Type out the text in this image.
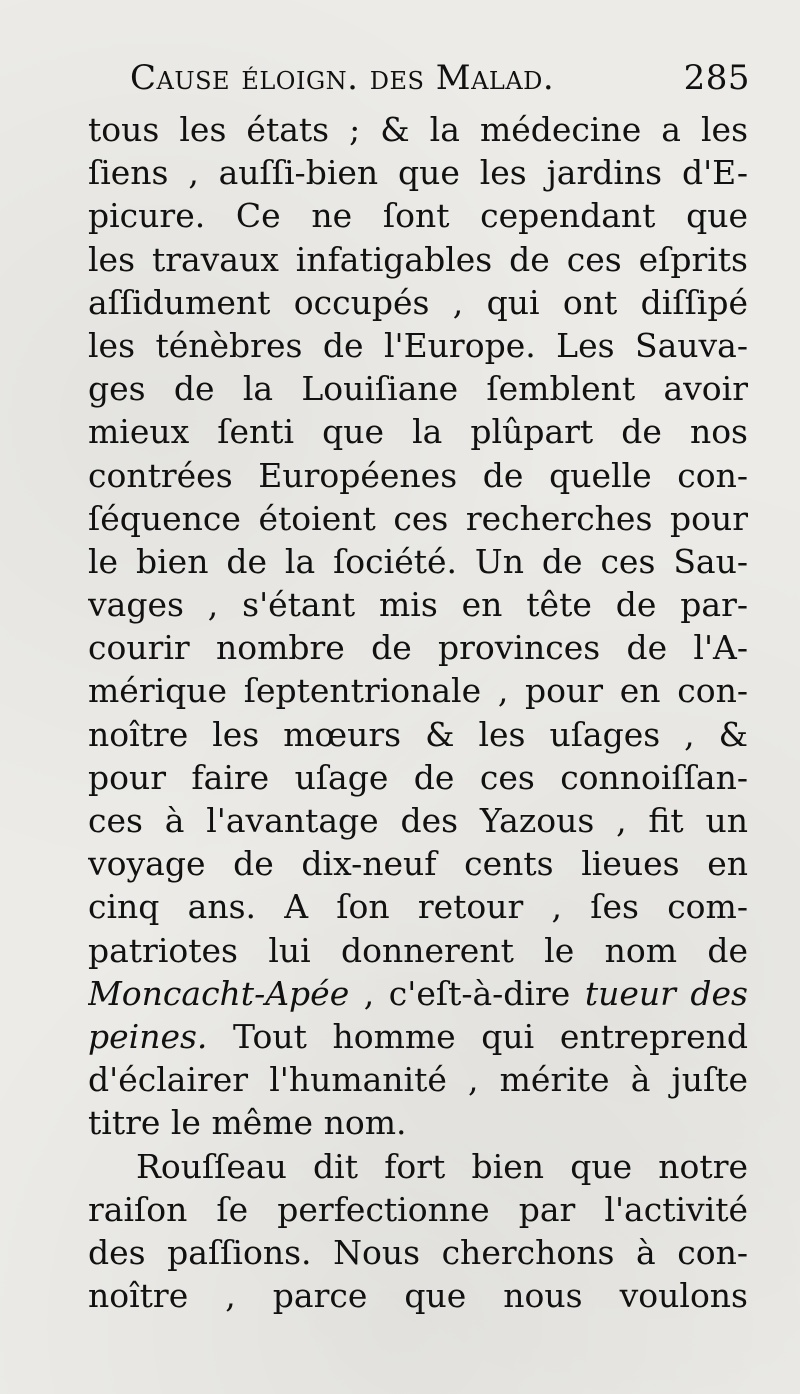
Cause éloign. des Malad.	285
tous les états ; & la médecine a les
ſiens , auſſi-bien que les jardins d'E-
picure. Ce ne ſont cependant que
les travaux infatigables de ces eſprits
aſſidument occupés , qui ont diſſipé
les ténèbres de l'Europe. Les Sauva-
ges de la Louiſiane ſemblent avoir
mieux ſenti que la plûpart de nos
contrées Européenes de quelle con-
ſéquence étoient ces recherches pour
le bien de la ſociété. Un de ces Sau-
vages , s'étant mis en tête de par-
courir nombre de provinces de l'A-
mérique ſeptentrionale , pour en con-
noître les mœurs & les uſages , &
pour faire uſage de ces connoiſſan-
ces à l'avantage des Yazous , fit un
voyage de dix-neuf cents lieues en
cinq ans. A ſon retour , ſes com-
patriotes lui donnerent le nom de
Moncacht-Apée , c'eſt-à-dire tueur des
peines. Tout homme qui entreprend
d'éclairer l'humanité , mérite à juſte
titre le même nom.
Rouſſeau dit fort bien que notre
raiſon ſe perfectionne par l'activité
des paſſions. Nous cherchons à con-
noître , parce que nous voulons
